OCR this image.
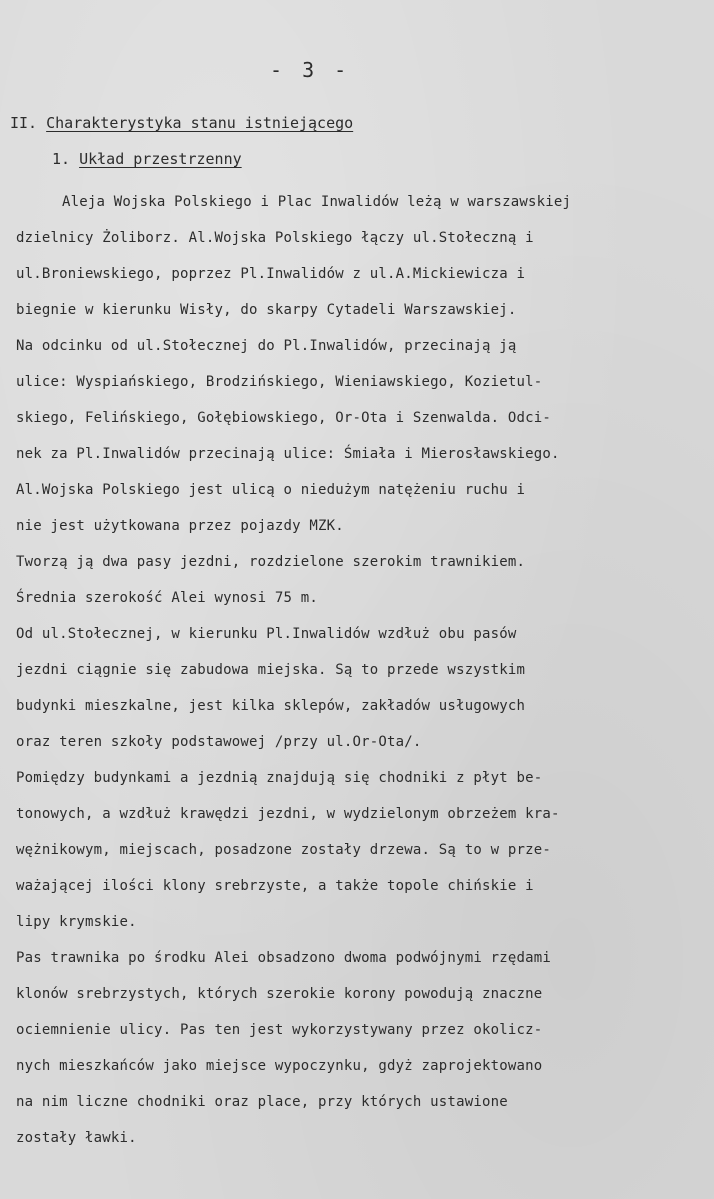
- 3 -
II. Charakterystyka stanu istniejącego
1. Układ przestrzenny
Aleja Wojska Polskiego i Plac Inwalidów leżą w warszawskiej
dzielnicy Żoliborz. Al.Wojska Polskiego łączy ul.Stołeczną i
ul.Broniewskiego, poprzez Pl.Inwalidów z ul.A.Mickiewicza i
biegnie w kierunku Wisły, do skarpy Cytadeli Warszawskiej.
Na odcinku od ul.Stołecznej do Pl.Inwalidów, przecinają ją
ulice: Wyspiańskiego, Brodzińskiego, Wieniawskiego, Kozietul-
skiego, Felińskiego, Gołębiowskiego, Or-Ota i Szenwalda. Odci-
nek za Pl.Inwalidów przecinają ulice: Śmiała i Mierosławskiego.
Al.Wojska Polskiego jest ulicą o niedużym natężeniu ruchu i
nie jest użytkowana przez pojazdy MZK.
Tworzą ją dwa pasy jezdni, rozdzielone szerokim trawnikiem.
Średnia szerokość Alei wynosi 75 m.
Od ul.Stołecznej, w kierunku Pl.Inwalidów wzdłuż obu pasów
jezdni ciągnie się zabudowa miejska. Są to przede wszystkim
budynki mieszkalne, jest kilka sklepów, zakładów usługowych
oraz teren szkoły podstawowej /przy ul.Or-Ota/.
Pomiędzy budynkami a jezdnią znajdują się chodniki z płyt be-
tonowych, a wzdłuż krawędzi jezdni, w wydzielonym obrzeżem kra-
wężnikowym, miejscach, posadzone zostały drzewa. Są to w prze-
ważającej ilości klony srebrzyste, a także topole chińskie i
lipy krymskie.
Pas trawnika po środku Alei obsadzono dwoma podwójnymi rzędami
klonów srebrzystych, których szerokie korony powodują znaczne
ociemnienie ulicy. Pas ten jest wykorzystywany przez okolicz-
nych mieszkańców jako miejsce wypoczynku, gdyż zaprojektowano
na nim liczne chodniki oraz place, przy których ustawione
zostały ławki.
